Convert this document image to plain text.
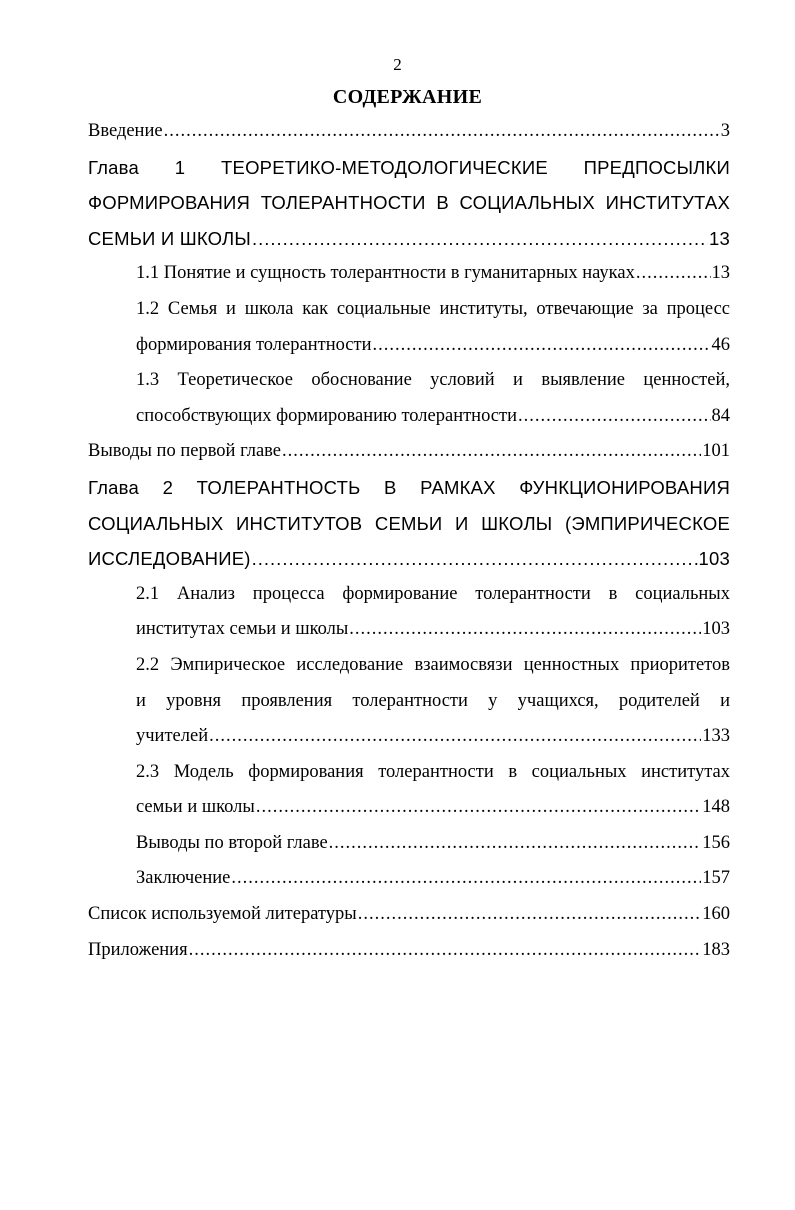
2
СОДЕРЖАНИЕ
Введение .....	3
Глава 1 ТЕОРЕТИКО-МЕТОДОЛОГИЧЕСКИЕ ПРЕДПОСЫЛКИ
ФОРМИРОВАНИЯ ТОЛЕРАНТНОСТИ В СОЦИАЛЬНЫХ ИНСТИТУТАХ
СЕМЬИ И ШКОЛЫ .....	13
1.1 Понятие и сущность толерантности в гуманитарных науках .....	13
1.2 Семья и школа как социальные институты, отвечающие за процесс
формирования толерантности .....	46
1.3 Теоретическое обоснование условий и выявление ценностей,
способствующих формированию толерантности .....	84
Выводы по первой главе .....	101
Глава 2 ТОЛЕРАНТНОСТЬ В РАМКАХ ФУНКЦИОНИРОВАНИЯ
СОЦИАЛЬНЫХ ИНСТИТУТОВ СЕМЬИ И ШКОЛЫ (ЭМПИРИЧЕСКОЕ
ИССЛЕДОВАНИЕ) .....	103
2.1 Анализ процесса формирование толерантности в социальных
институтах семьи и школы .....	103
2.2 Эмпирическое исследование взаимосвязи ценностных приоритетов
и уровня проявления толерантности у учащихся, родителей и
учителей .....	133
2.3 Модель формирования толерантности в социальных институтах
семьи и школы .....	148
Выводы по второй главе .....	156
Заключение .....	157
Список используемой литературы .....	160
Приложения .....	183
